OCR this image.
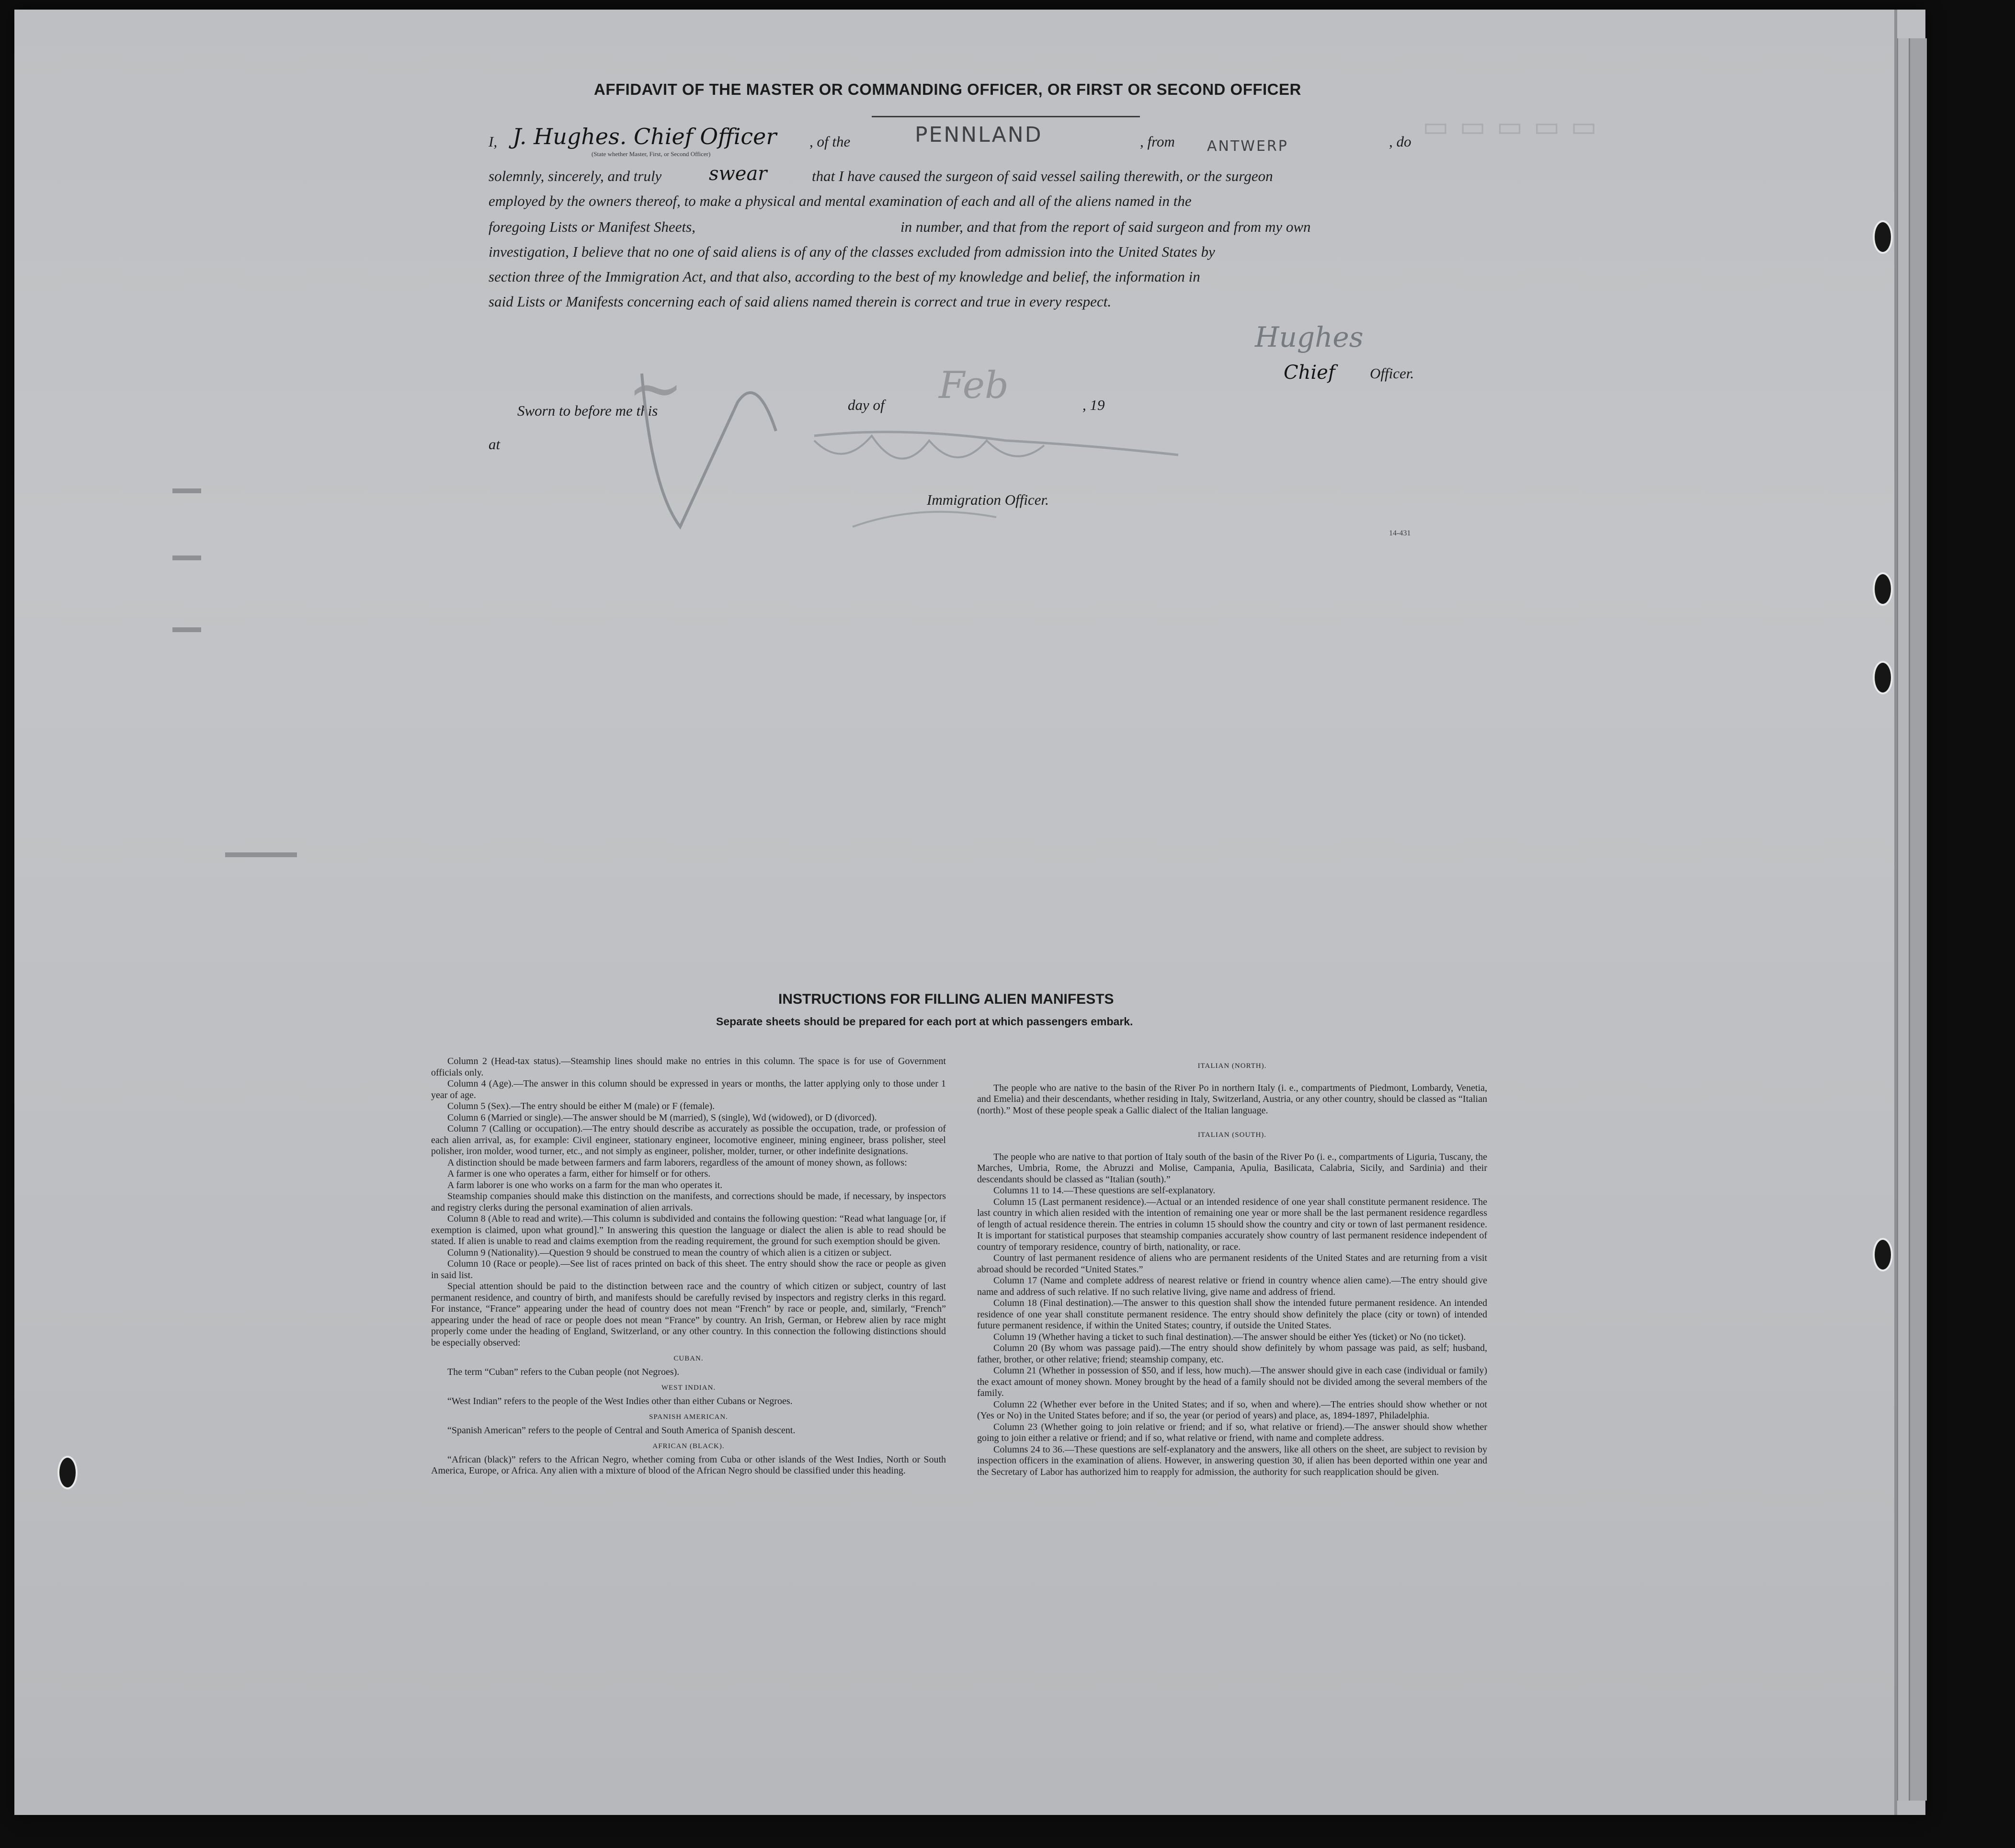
▭ ▭ ▭ ▭ ▭
AFFIDAVIT OF THE MASTER OR COMMANDING OFFICER, OR FIRST OR SECOND OFFICER
I, J. Hughes. Chief Officer
(State whether Master, First, or Second Officer)
, of the	PENNLAND	, from ANTWERP	, do
solemnly, sincerely, and truly swear	that I have caused the surgeon of said vessel sailing therewith, or the surgeon
employed by the owners thereof, to make a physical and mental examination of each and all of the aliens named in the
foregoing Lists or Manifest Sheets,	in number, and that from the report of said surgeon and from my own
investigation, I believe that no one of said aliens is of any of the classes excluded from admission into the United States by
section three of the Immigration Act, and that also, according to the best of my knowledge and belief, the information in
said Lists or Manifests concerning each of said aliens named therein is correct and true in every respect.
Hughes
Chief Officer.
Sworn to before me this
~	day of Feb	, 19
at
Immigration Officer.
14-431
INSTRUCTIONS FOR FILLING ALIEN MANIFESTS
Separate sheets should be prepared for each port at which passengers embark.

Column 2 (Head-tax status).—Steamship lines should make no entries in this column. The space is for use of Government officials only.

Column 4 (Age).—The answer in this column should be expressed in years or months, the latter applying only to those under 1 year of age.

Column 5 (Sex).—The entry should be either M (male) or F (female).

Column 6 (Married or single).—The answer should be M (married), S (single), Wd (widowed), or D (divorced).

Column 7 (Calling or occupation).—The entry should describe as accurately as possible the occupation, trade, or profession of each alien arrival, as, for example: Civil engineer, stationary engineer, locomotive engineer, mining engineer, brass polisher, steel polisher, iron molder, wood turner, etc., and not simply as engineer, polisher, molder, turner, or other indefinite designations.

A distinction should be made between farmers and farm laborers, regardless of the amount of money shown, as follows:

A farmer is one who operates a farm, either for himself or for others.

A farm laborer is one who works on a farm for the man who operates it.

Steamship companies should make this distinction on the manifests, and corrections should be made, if necessary, by inspectors and registry clerks during the personal examination of alien arrivals.

Column 8 (Able to read and write).—This column is subdivided and contains the following question: “Read what language [or, if exemption is claimed, upon what ground].” In answering this question the language or dialect the alien is able to read should be stated. If alien is unable to read and claims exemption from the reading requirement, the ground for such exemption should be given.

Column 9 (Nationality).—Question 9 should be construed to mean the country of which alien is a citizen or subject.

Column 10 (Race or people).—See list of races printed on back of this sheet. The entry should show the race or people as given in said list.

Special attention should be paid to the distinction between race and the country of which citizen or subject, country of last permanent residence, and country of birth, and manifests should be carefully revised by inspectors and registry clerks in this regard. For instance, “France” appearing under the head of country does not mean “French” by race or people, and, similarly, “French” appearing under the head of race or people does not mean “France” by country. An Irish, German, or Hebrew alien by race might properly come under the heading of England, Switzerland, or any other country. In this connection the following distinctions should be especially observed:

CUBAN.

The term “Cuban” refers to the Cuban people (not Negroes).

WEST INDIAN.

“West Indian” refers to the people of the West Indies other than either Cubans or Negroes.

SPANISH AMERICAN.

“Spanish American” refers to the people of Central and South America of Spanish descent.

AFRICAN (BLACK).

“African (black)” refers to the African Negro, whether coming from Cuba or other islands of the West Indies, North or South America, Europe, or Africa. Any alien with a mixture of blood of the African Negro should be classified under this heading.

ITALIAN (NORTH).

The people who are native to the basin of the River Po in northern Italy (i. e., compartments of Piedmont, Lombardy, Venetia, and Emelia) and their descendants, whether residing in Italy, Switzerland, Austria, or any other country, should be classed as “Italian (north).” Most of these people speak a Gallic dialect of the Italian language.

ITALIAN (SOUTH).

The people who are native to that portion of Italy south of the basin of the River Po (i. e., compartments of Liguria, Tuscany, the Marches, Umbria, Rome, the Abruzzi and Molise, Campania, Apulia, Basilicata, Calabria, Sicily, and Sardinia) and their descendants should be classed as “Italian (south).”

Columns 11 to 14.—These questions are self-explanatory.

Column 15 (Last permanent residence).—Actual or an intended residence of one year shall constitute permanent residence. The last country in which alien resided with the intention of remaining one year or more shall be the last permanent residence regardless of length of actual residence therein. The entries in column 15 should show the country and city or town of last permanent residence. It is important for statistical purposes that steamship companies accurately show country of last permanent residence independent of country of temporary residence, country of birth, nationality, or race.

Country of last permanent residence of aliens who are permanent residents of the United States and are returning from a visit abroad should be recorded “United States.”

Column 17 (Name and complete address of nearest relative or friend in country whence alien came).—The entry should give name and address of such relative. If no such relative living, give name and address of friend.

Column 18 (Final destination).—The answer to this question shall show the intended future permanent residence. An intended residence of one year shall constitute permanent residence. The entry should show definitely the place (city or town) of intended future permanent residence, if within the United States; country, if outside the United States.

Column 19 (Whether having a ticket to such final destination).—The answer should be either Yes (ticket) or No (no ticket).

Column 20 (By whom was passage paid).—The entry should show definitely by whom passage was paid, as self; husband, father, brother, or other relative; friend; steamship company, etc.

Column 21 (Whether in possession of $50, and if less, how much).—The answer should give in each case (individual or family) the exact amount of money shown. Money brought by the head of a family should not be divided among the several members of the family.

Column 22 (Whether ever before in the United States; and if so, when and where).—The entries should show whether or not (Yes or No) in the United States before; and if so, the year (or period of years) and place, as, 1894-1897, Philadelphia.

Column 23 (Whether going to join relative or friend; and if so, what relative or friend).—The answer should show whether going to join either a relative or friend; and if so, what relative or friend, with name and complete address.

Columns 24 to 36.—These questions are self-explanatory and the answers, like all others on the sheet, are subject to revision by inspection officers in the examination of aliens. However, in answering question 30, if alien has been deported within one year and the Secretary of Labor has authorized him to reapply for admission, the authority for such reapplication should be given.
